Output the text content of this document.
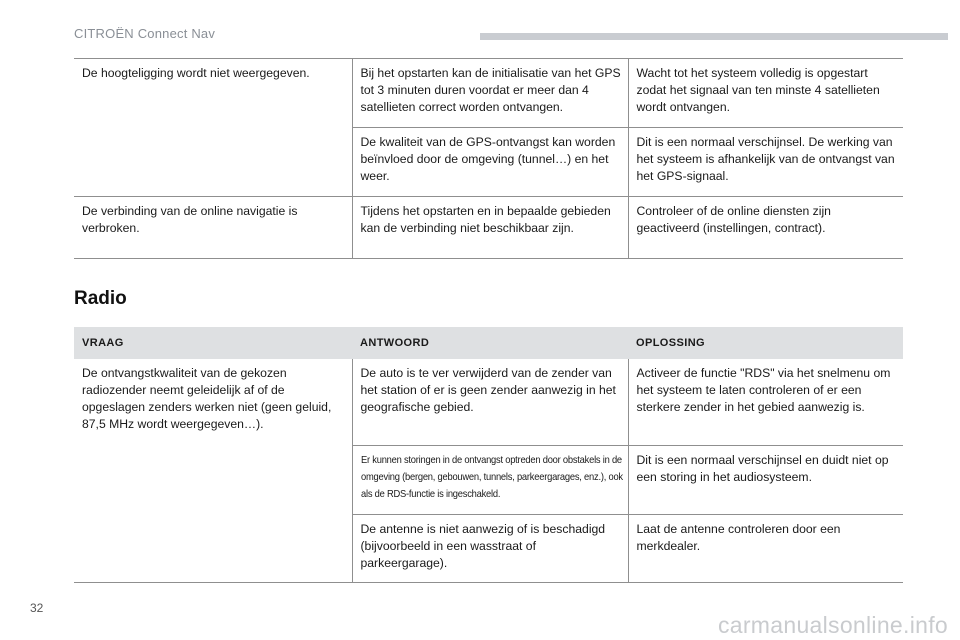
CITROËN Connect Nav
De hoogteligging wordt niet weergegeven.	Bij het opstarten kan de initialisatie van het GPS tot 3 minuten duren voordat er meer dan 4 satellieten correct worden ontvangen.	Wacht tot het systeem volledig is opgestart zodat het signaal van ten minste 4 satellieten wordt ontvangen.
	De kwaliteit van de GPS-ontvangst kan worden beïnvloed door de omgeving (tunnel…) en het weer.	Dit is een normaal verschijnsel. De werking van het systeem is afhankelijk van de ontvangst van het GPS-signaal.
De verbinding van de online navigatie is verbroken.	Tijdens het opstarten en in bepaalde gebieden kan de verbinding niet beschikbaar zijn.	Controleer of de online diensten zijn geactiveerd (instellingen, contract).
Radio
VRAAG	ANTWOORD	OPLOSSING
De ontvangstkwaliteit van de gekozen radiozender neemt geleidelijk af of de opgeslagen zenders werken niet (geen geluid, 87,5 MHz wordt weergegeven…).	De auto is te ver verwijderd van de zender van het station of er is geen zender aanwezig in het geografische gebied.	Activeer de functie "RDS" via het snelmenu om het systeem te laten controleren of er een sterkere zender in het gebied aanwezig is.
	Er kunnen storingen in de ontvangst optreden door obstakels in de omgeving (bergen, gebouwen, tunnels, parkeergarages, enz.), ook als de RDS-functie is ingeschakeld.	Dit is een normaal verschijnsel en duidt niet op een storing in het audiosysteem.
	De antenne is niet aanwezig of is beschadigd (bijvoorbeeld in een wasstraat of parkeergarage).	Laat de antenne controleren door een merkdealer.
32
carmanualsonline.info
